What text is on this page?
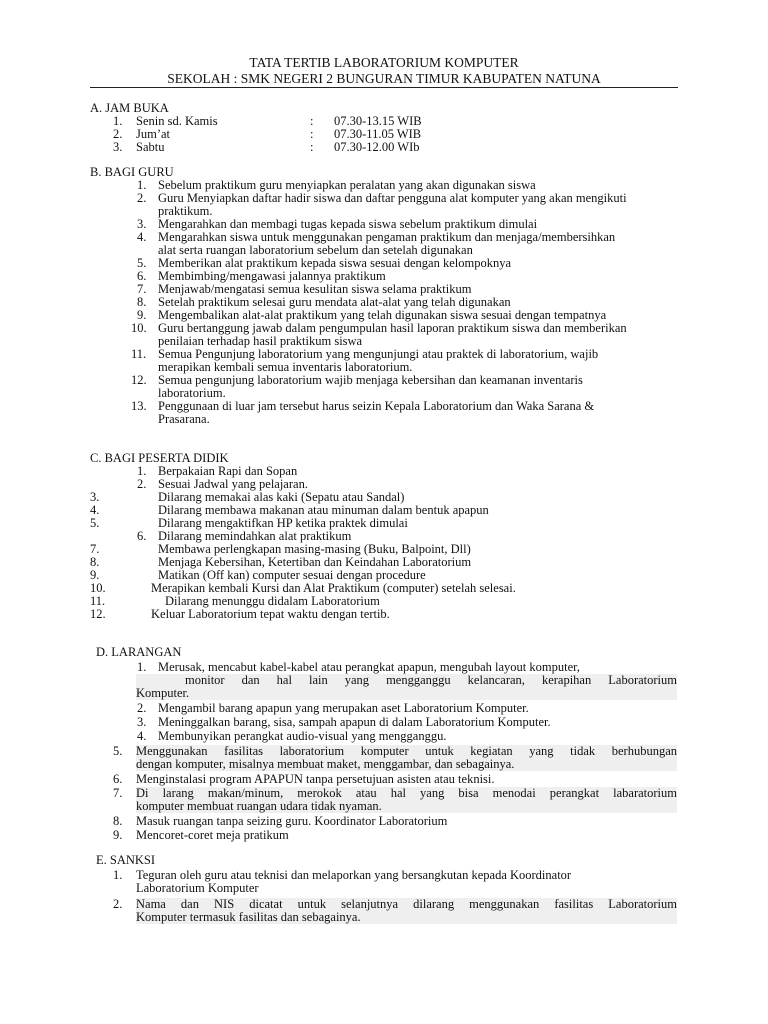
TATA TERTIB LABORATORIUM KOMPUTER
SEKOLAH : SMK NEGERI 2 BUNGURAN TIMUR KABUPATEN NATUNA
A. JAM BUKA
1. Senin sd. Kamis	: 07.30-13.15 WIB
2. Jum’at	: 07.30-11.05 WIB
3. Sabtu	: 07.30-12.00 WIb
B. BAGI GURU
1. Sebelum praktikum guru menyiapkan peralatan yang akan digunakan siswa
2. Guru Menyiapkan daftar hadir siswa dan daftar pengguna alat komputer yang akan mengikuti
praktikum.
3. Mengarahkan dan membagi tugas kepada siswa sebelum praktikum dimulai
4. Mengarahkan siswa untuk menggunakan pengaman praktikum dan menjaga/membersihkan
alat serta ruangan laboratorium sebelum dan setelah digunakan
5. Memberikan alat praktikum kepada siswa sesuai dengan kelompoknya
6. Membimbing/mengawasi jalannya praktikum
7. Menjawab/mengatasi semua kesulitan siswa selama praktikum
8. Setelah praktikum selesai guru mendata alat-alat yang telah digunakan
9. Mengembalikan alat-alat praktikum yang telah digunakan siswa sesuai dengan tempatnya
10. Guru bertanggung jawab dalam pengumpulan hasil laporan praktikum siswa dan memberikan
penilaian terhadap hasil praktikum siswa
11. Semua Pengunjung laboratorium yang mengunjungi atau praktek di laboratorium, wajib
merapikan kembali semua inventaris laboratorium.
12. Semua pengunjung laboratorium wajib menjaga kebersihan dan keamanan inventaris
laboratorium.
13. Penggunaan di luar jam tersebut harus seizin Kepala Laboratorium dan Waka Sarana &
Prasarana.
C. BAGI PESERTA DIDIK
1. Berpakaian Rapi dan Sopan
2. Sesuai Jadwal yang pelajaran.
3.	Dilarang memakai alas kaki (Sepatu atau Sandal)
4.	Dilarang membawa makanan atau minuman dalam bentuk apapun
5.	Dilarang mengaktifkan HP ketika praktek dimulai
6. Dilarang memindahkan alat praktikum
7.	Membawa perlengkapan masing-masing (Buku, Balpoint, Dll)
8.	Menjaga Kebersihan, Ketertiban dan Keindahan Laboratorium
9.	Matikan (Off kan) computer sesuai dengan procedure
10.	Merapikan kembali Kursi dan Alat Praktikum (computer) setelah selesai.
11.	Dilarang menunggu didalam Laboratorium
12.	Keluar Laboratorium tepat waktu dengan tertib.
D. LARANGAN
1. Merusak, mencabut kabel-kabel atau perangkat apapun, mengubah layout komputer,
monitor dan hal lain yang mengganggu kelancaran, kerapihan Laboratorium
Komputer.
2. Mengambil barang apapun yang merupakan aset Laboratorium Komputer.
3. Meninggalkan barang, sisa, sampah apapun di dalam Laboratorium Komputer.
4. Membunyikan perangkat audio-visual yang mengganggu.
5. Menggunakan fasilitas laboratorium komputer untuk kegiatan yang tidak berhubungan
dengan komputer, misalnya membuat maket, menggambar, dan sebagainya.
6. Menginstalasi program APAPUN tanpa persetujuan asisten atau teknisi.
7. Di larang makan/minum, merokok atau hal yang bisa menodai perangkat labaratorium
komputer membuat ruangan udara tidak nyaman.
8. Masuk ruangan tanpa seizing guru. Koordinator Laboratorium
9. Mencoret-coret meja pratikum
E. SANKSI
1. Teguran oleh guru atau teknisi dan melaporkan yang bersangkutan kepada Koordinator
Laboratorium Komputer
2. Nama dan NIS dicatat untuk selanjutnya dilarang menggunakan fasilitas Laboratorium
Komputer termasuk fasilitas dan sebagainya.
